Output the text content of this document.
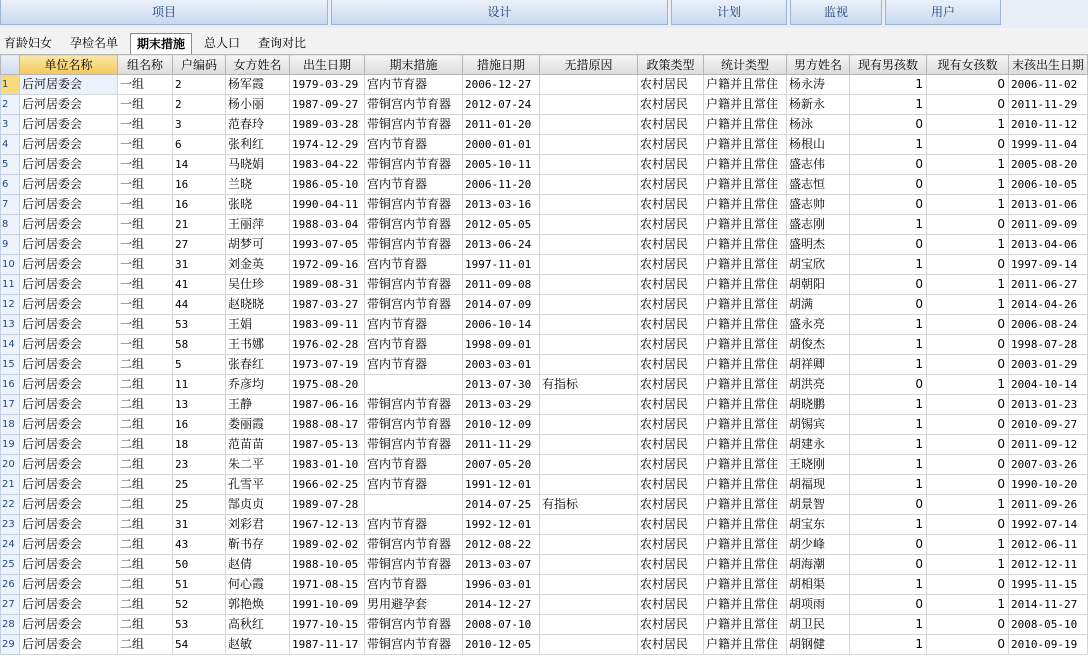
项目	设计	计划	监视	用户
育龄妇女 孕检名单	期末措施	总人口 查询对比
	单位名称	组名称	户编码	女方姓名	出生日期	期末措施	措施日期	无措原因	政策类型	统计类型	男方姓名	现有男孩数	现有女孩数	末孩出生日期
1	后河居委会	一组	2	杨军霞	1979-03-29	宫内节育器	2006-12-27		农村居民	户籍并且常住	杨永涛	1	0	2006-11-02
2	后河居委会	一组	2	杨小丽	1987-09-27	带铜宫内节育器	2012-07-24		农村居民	户籍并且常住	杨新永	1	0	2011-11-29
3	后河居委会	一组	3	范春玲	1989-03-28	带铜宫内节育器	2011-01-20		农村居民	户籍并且常住	杨泳	0	1	2010-11-12
4	后河居委会	一组	6	张利红	1974-12-29	宫内节育器	2000-01-01		农村居民	户籍并且常住	杨根山	1	0	1999-11-04
5	后河居委会	一组	14	马晓娟	1983-04-22	带铜宫内节育器	2005-10-11		农村居民	户籍并且常住	盛志伟	0	1	2005-08-20
6	后河居委会	一组	16	兰晓	1986-05-10	宫内节育器	2006-11-20		农村居民	户籍并且常住	盛志恒	0	1	2006-10-05
7	后河居委会	一组	16	张晓	1990-04-11	带铜宫内节育器	2013-03-16		农村居民	户籍并且常住	盛志帅	0	1	2013-01-06
8	后河居委会	一组	21	王丽萍	1988-03-04	带铜宫内节育器	2012-05-05		农村居民	户籍并且常住	盛志刚	1	0	2011-09-09
9	后河居委会	一组	27	胡梦可	1993-07-05	带铜宫内节育器	2013-06-24		农村居民	户籍并且常住	盛明杰	0	1	2013-04-06
10	后河居委会	一组	31	刘金英	1972-09-16	宫内节育器	1997-11-01		农村居民	户籍并且常住	胡宝欣	1	0	1997-09-14
11	后河居委会	一组	41	吴仕珍	1989-08-31	带铜宫内节育器	2011-09-08		农村居民	户籍并且常住	胡朝阳	0	1	2011-06-27
12	后河居委会	一组	44	赵晓晓	1987-03-27	带铜宫内节育器	2014-07-09		农村居民	户籍并且常住	胡满	0	1	2014-04-26
13	后河居委会	一组	53	王娟	1983-09-11	宫内节育器	2006-10-14		农村居民	户籍并且常住	盛永亮	1	0	2006-08-24
14	后河居委会	一组	58	王书娜	1976-02-28	宫内节育器	1998-09-01		农村居民	户籍并且常住	胡俊杰	1	0	1998-07-28
15	后河居委会	二组	5	张春红	1973-07-19	宫内节育器	2003-03-01		农村居民	户籍并且常住	胡祥卿	1	0	2003-01-29
16	后河居委会	二组	11	乔彦均	1975-08-20		2013-07-30	有指标	农村居民	户籍并且常住	胡洪亮	0	1	2004-10-14
17	后河居委会	二组	13	王静	1987-06-16	带铜宫内节育器	2013-03-29		农村居民	户籍并且常住	胡晓鹏	1	0	2013-01-23
18	后河居委会	二组	16	娄丽霞	1988-08-17	带铜宫内节育器	2010-12-09		农村居民	户籍并且常住	胡锡宾	1	0	2010-09-27
19	后河居委会	二组	18	范苗苗	1987-05-13	带铜宫内节育器	2011-11-29		农村居民	户籍并且常住	胡建永	1	0	2011-09-12
20	后河居委会	二组	23	朱二平	1983-01-10	宫内节育器	2007-05-20		农村居民	户籍并且常住	王晓刚	1	0	2007-03-26
21	后河居委会	二组	25	孔雪平	1966-02-25	宫内节育器	1991-12-01		农村居民	户籍并且常住	胡福现	1	0	1990-10-20
22	后河居委会	二组	25	郜贞贞	1989-07-28		2014-07-25	有指标	农村居民	户籍并且常住	胡景智	0	1	2011-09-26
23	后河居委会	二组	31	刘彩君	1967-12-13	宫内节育器	1992-12-01		农村居民	户籍并且常住	胡宝东	1	0	1992-07-14
24	后河居委会	二组	43	靳书存	1989-02-02	带铜宫内节育器	2012-08-22		农村居民	户籍并且常住	胡少峰	0	1	2012-06-11
25	后河居委会	二组	50	赵倩	1988-10-05	带铜宫内节育器	2013-03-07		农村居民	户籍并且常住	胡海潮	0	1	2012-12-11
26	后河居委会	二组	51	何心霞	1971-08-15	宫内节育器	1996-03-01		农村居民	户籍并且常住	胡相渠	1	0	1995-11-15
27	后河居委会	二组	52	郭艳焕	1991-10-09	男用避孕套	2014-12-27		农村居民	户籍并且常住	胡项雨	0	1	2014-11-27
28	后河居委会	二组	53	高秋红	1977-10-15	带铜宫内节育器	2008-07-10		农村居民	户籍并且常住	胡卫民	1	0	2008-05-10
29	后河居委会	二组	54	赵敏	1987-11-17	带铜宫内节育器	2010-12-05		农村居民	户籍并且常住	胡钢健	1	0	2010-09-19
